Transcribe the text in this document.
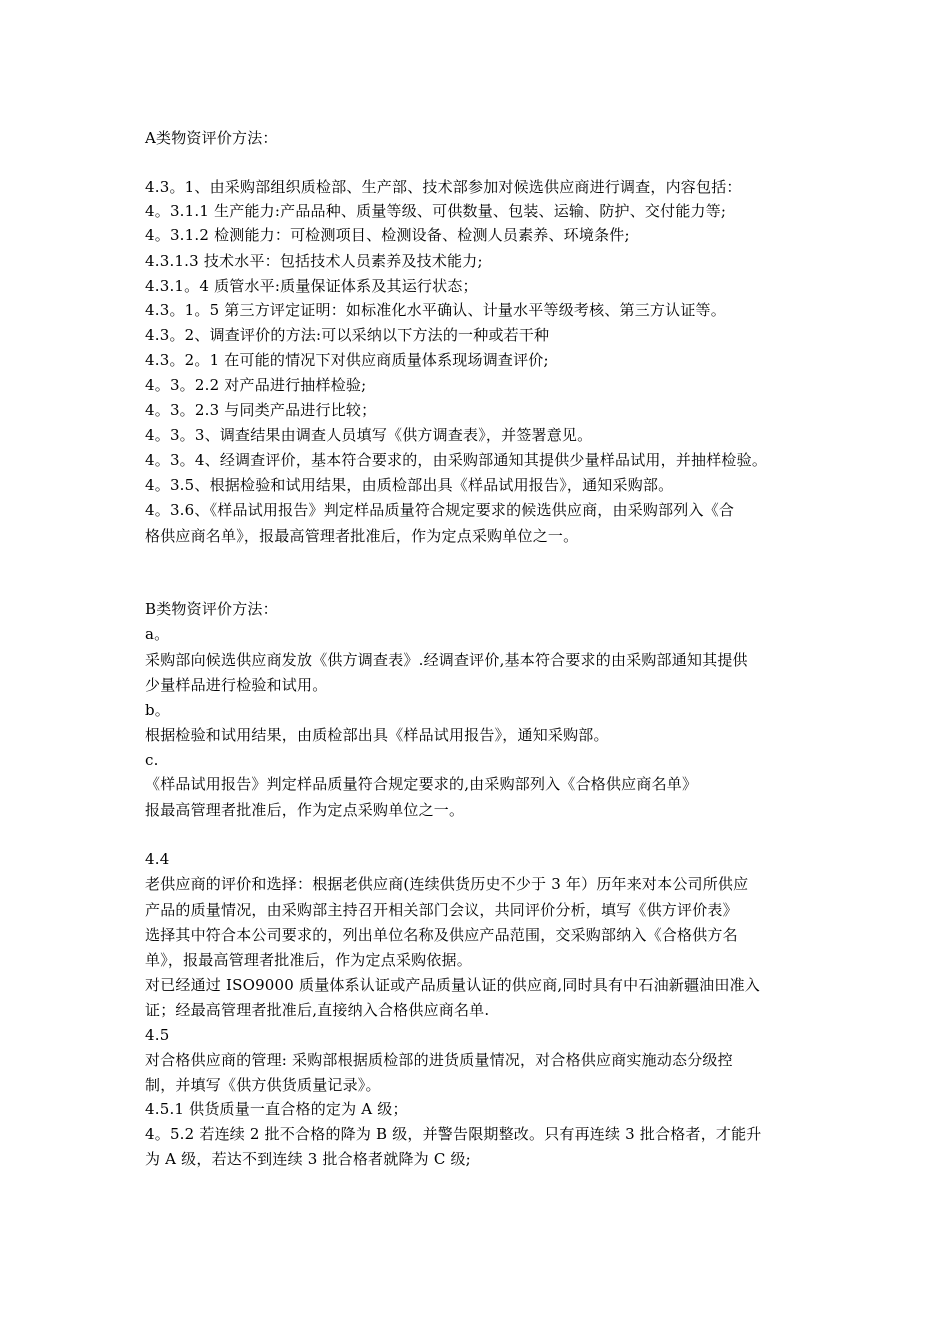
A类物资评价方法：
4.3。1、由采购部组织质检部、生产部、技术部参加对候选供应商进行调查，内容包括：
4。3.1.1 生产能力:产品品种、质量等级、可供数量、包装、运输、防护、交付能力等;
4。3.1.2 检测能力：可检测项目、检测设备、检测人员素养、环境条件;
4.3.1.3 技术水平：包括技术人员素养及技术能力;
4.3.1。4 质管水平:质量保证体系及其运行状态；
4.3。1。5 第三方评定证明：如标准化水平确认、计量水平等级考核、第三方认证等。
4.3。2、调查评价的方法:可以采纳以下方法的一种或若干种
4.3。2。1 在可能的情况下对供应商质量体系现场调查评价;
4。3。2.2 对产品进行抽样检验;
4。3。2.3 与同类产品进行比较；
4。3。3、调查结果由调查人员填写《供方调查表》，并签署意见。
4。3。4、经调查评价，基本符合要求的，由采购部通知其提供少量样品试用，并抽样检验。
4。3.5、根据检验和试用结果，由质检部出具《样品试用报告》，通知采购部。
4。3.6、《样品试用报告》判定样品质量符合规定要求的候选供应商，由采购部列入《合
格供应商名单》，报最高管理者批准后，作为定点采购单位之一。
B类物资评价方法：
a。
采购部向候选供应商发放《供方调查表》.经调查评价,基本符合要求的由采购部通知其提供
少量样品进行检验和试用。
b。
根据检验和试用结果，由质检部出具《样品试用报告》，通知采购部。
c.
《样品试用报告》判定样品质量符合规定要求的,由采购部列入《合格供应商名单》
报最高管理者批准后，作为定点采购单位之一。
4.4
老供应商的评价和选择：根据老供应商(连续供货历史不少于 3 年）历年来对本公司所供应
产品的质量情况，由采购部主持召开相关部门会议，共同评价分析，填写《供方评价表》
选择其中符合本公司要求的，列出单位名称及供应产品范围，交采购部纳入《合格供方名
单》，报最高管理者批准后，作为定点采购依据。
对已经通过 ISO9000 质量体系认证或产品质量认证的供应商,同时具有中石油新疆油田准入
证；经最高管理者批准后,直接纳入合格供应商名单.
4.5
对合格供应商的管理: 采购部根据质检部的进货质量情况，对合格供应商实施动态分级控
制，并填写《供方供货质量记录》。
4.5.1 供货质量一直合格的定为 A 级；
4。5.2 若连续 2 批不合格的降为 B 级，并警告限期整改。只有再连续 3 批合格者，才能升
为 A 级，若达不到连续 3 批合格者就降为 C 级;
